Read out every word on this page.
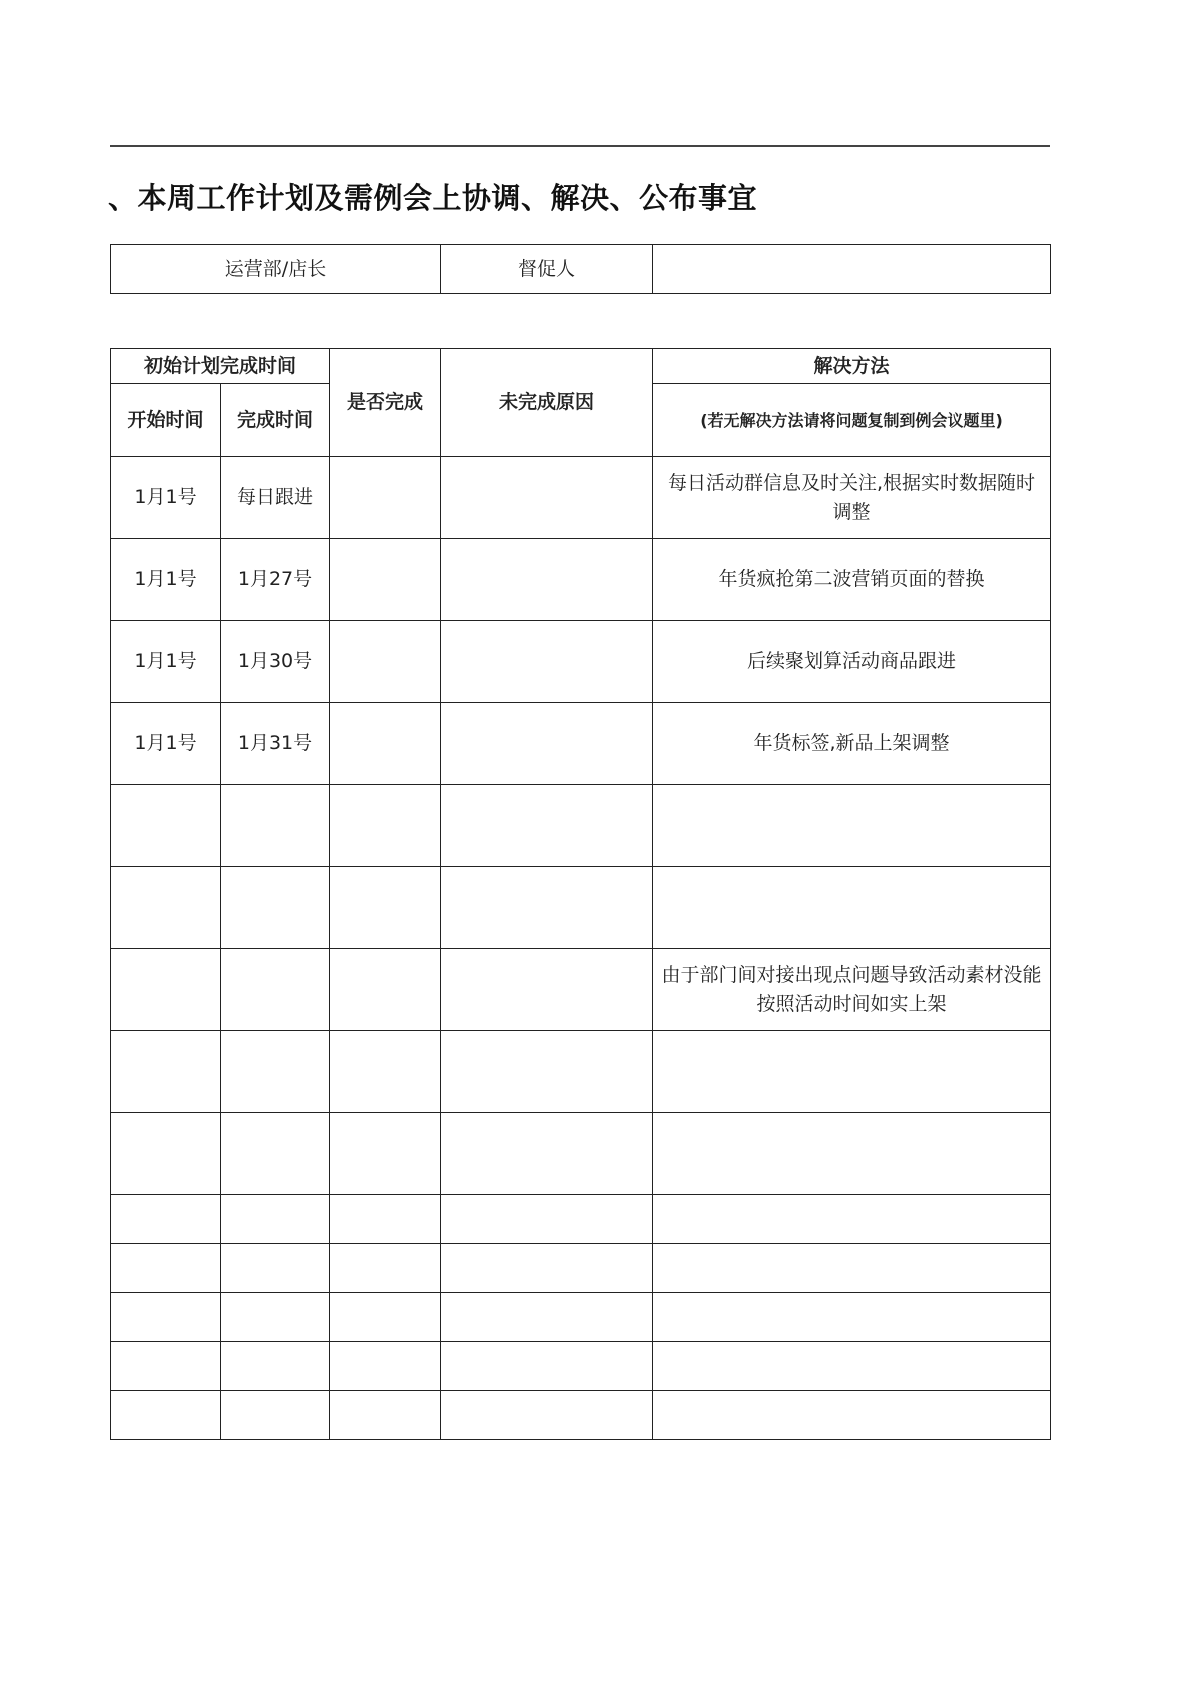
、本周工作计划及需例会上协调、解决、公布事宜
运营部/店长	督促人	
初始计划完成时间		是否完成	未完成原因	解决方法
开始时间	完成时间			(若无解决方法请将问题复制到例会议题里)
1月1号	每日跟进			每日活动群信息及时关注,根据实时数据随时调整
1月1号	1月27号			年货疯抢第二波营销页面的替换
1月1号	1月30号			后续聚划算活动商品跟进
1月1号	1月31号			年货标签,新品上架调整

				由于部门间对接出现点问题导致活动素材没能按照活动时间如实上架
